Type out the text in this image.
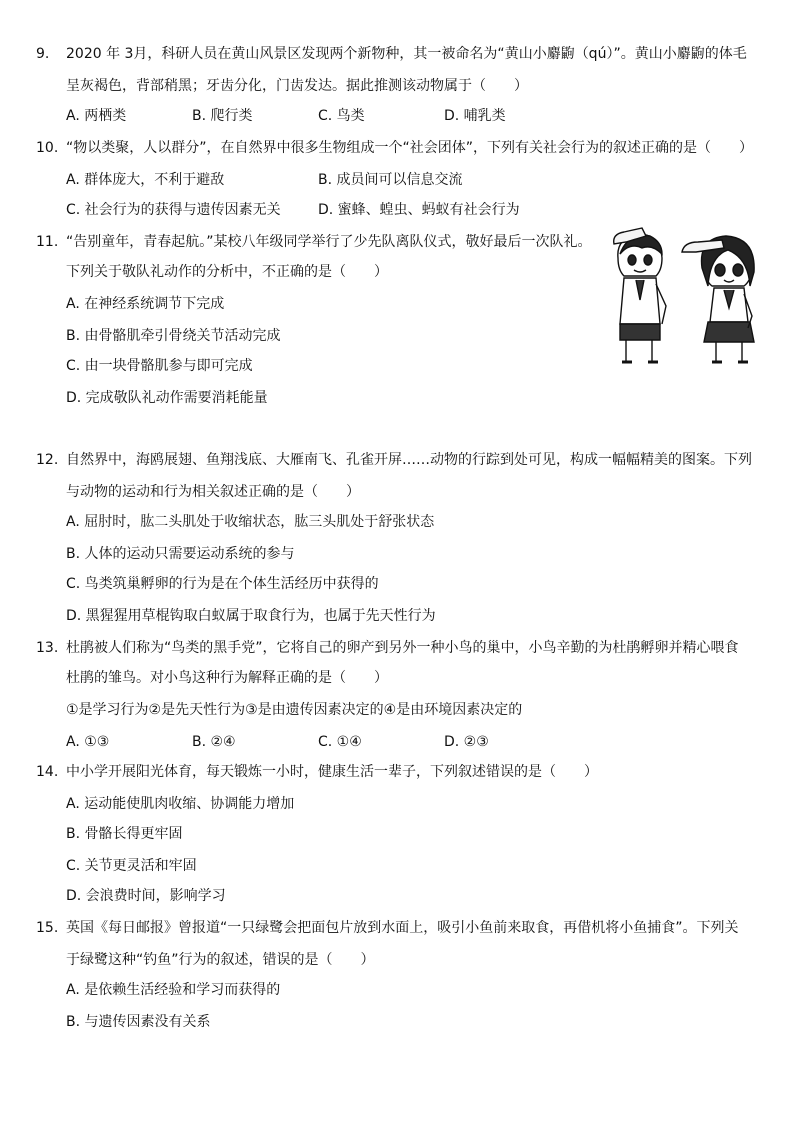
9. 2020 年 3月，科研人员在黄山风景区发现两个新物种，其一被命名为“黄山小麝鼩（qú）”。黄山小麝鼩的体毛
呈灰褐色，背部稍黑；牙齿分化，门齿发达。据此推测该动物属于（　　）
A. 两栖类	B. 爬行类	C. 鸟类	D. 哺乳类
10. “物以类聚，人以群分”，在自然界中很多生物组成一个“社会团体”，下列有关社会行为的叙述正确的是（　　）
A. 群体庞大，不利于避敌	B. 成员间可以信息交流
C. 社会行为的获得与遗传因素无关	D. 蜜蜂、蝗虫、蚂蚁有社会行为
11. “告别童年，青春起航。”某校八年级同学举行了少先队离队仪式，敬好最后一次队礼。
下列关于敬队礼动作的分析中，不正确的是（　　）
A. 在神经系统调节下完成
B. 由骨骼肌牵引骨绕关节活动完成
C. 由一块骨骼肌参与即可完成
D. 完成敬队礼动作需要消耗能量
12. 自然界中，海鸥展翅、鱼翔浅底、大雁南飞、孔雀开屏……动物的行踪到处可见，构成一幅幅精美的图案。下列
与动物的运动和行为相关叙述正确的是（　　）
A. 屈肘时，肱二头肌处于收缩状态，肱三头肌处于舒张状态
B. 人体的运动只需要运动系统的参与
C. 鸟类筑巢孵卵的行为是在个体生活经历中获得的
D. 黑猩猩用草棍钩取白蚁属于取食行为，也属于先天性行为
13. 杜鹃被人们称为“鸟类的黑手党”，它将自己的卵产到另外一种小鸟的巢中，小鸟辛勤的为杜鹃孵卵并精心喂食
杜鹃的雏鸟。对小鸟这种行为解释正确的是（　　）
①是学习行为②是先天性行为③是由遗传因素决定的④是由环境因素决定的
A. ①③	B. ②④	C. ①④	D. ②③
14. 中小学开展阳光体育，每天锻炼一小时，健康生活一辈子，下列叙述错误的是（　　）
A. 运动能使肌肉收缩、协调能力增加
B. 骨骼长得更牢固
C. 关节更灵活和牢固
D. 会浪费时间，影响学习
15. 英国《每日邮报》曾报道“一只绿鹭会把面包片放到水面上，吸引小鱼前来取食，再借机将小鱼捕食”。下列关
于绿鹭这种“钓鱼”行为的叙述，错误的是（　　）
A. 是依赖生活经验和学习而获得的
B. 与遗传因素没有关系
